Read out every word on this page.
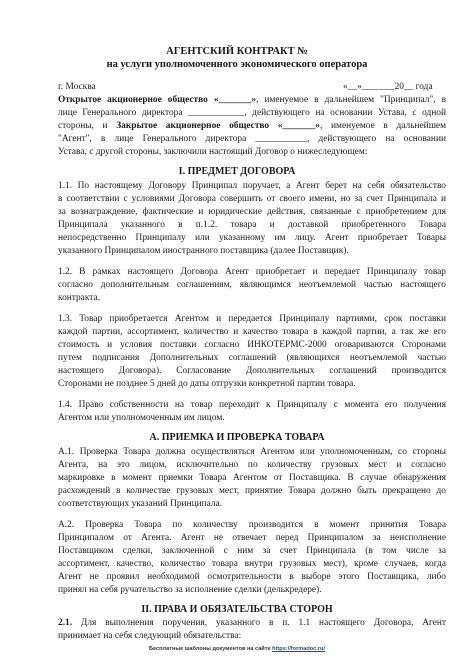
АГЕНТСКИЙ КОНТРАКТ №
на услуги уполномоченного экономического оператора
г. Москва	«__»_______20__ года
Открытое акционерное общество «_______», именуемое в дальнейшем "Принципал", в
лице Генерального директора ____________, действующего на основании Устава, с одной
стороны, и Закрытое акционерное общество «_______», именуемое в дальнейшем
"Агент", в лице Генерального директора ___________, действующего на основании
Устава, с другой стороны, заключили настоящий Договор о нижеследующем:
I. ПРЕДМЕТ ДОГОВОРА
1.1. По настоящему Договору Принципал поручает, а Агент берет на себя обязательство
в соответствии с условиями Договора совершить от своего имени, но за счет Принципала и
за вознаграждение, фактические и юридические действия, связанные с приобретением для
Принципала указанного в п.1.2. товара и доставкой приобретенного Товара
непосредственно Принципалу или указанному им лицу. Агент приобретает Товары
указанного Принципалом иностранного поставщика (далее Поставщик).
1.2. В рамках настоящего Договора Агент приобретает и передает Принципалу товар
согласно дополнительным соглашениям, являющимся неотъемлемой частью настоящего
контракта.
1.3. Товар приобретается Агентом и передается Принципалу партиями, срок поставки
каждой партии, ассортимент, количество и качество товара в каждой партии, а так же его
стоимость и условия поставки согласно ИНКОТЕРМС-2000 оговариваются Сторонами
путем подписания Дополнительных соглашений (являющихся неотъемлемой частью
настоящего Договора). Согласование Дополнительных соглашений производится
Сторонами не позднее 5 дней до даты отгрузки конкретной партии товара.
1.4. Право собственности на товар переходит к Принципалу с момента его получения
Агентом или уполномоченным им лицом.
А. ПРИЕМКА И ПРОВЕРКА ТОВАРА
А.1. Проверка Товара должна осуществляться Агентом или уполномоченным, со стороны
Агента, на это лицом, исключительно по количеству грузовых мест и согласно
маркировке в момент приемки Товара Агентом от Поставщика. В случае обнаружения
расхождений в количестве грузовых мест, принятие Товара должно быть прекращено до
соответствующих указаний Принципала.
А.2. Проверка Товара по количеству производится в момент принятия Товара
Принципалом от Агента. Агент не отвечает перед Принципалом за неисполнение
Поставщиком сделки, заключенной с ним за счет Принципала (в том числе за
ассортимент, качество, количество товара внутри грузовых мест), кроме случаев, когда
Агент не проявил необходимой осмотрительности в выборе этого Поставщика, либо
принял на себя ручательство за исполнение сделки (делькредере).
II. ПРАВА И ОБЯЗАТЕЛЬСТВА СТОРОН
2.1. Для выполнения поручения, указанного в п. 1.1 настоящего Договора, Агент
принимает на себя следующий обязательства:
Бесплатные шаблоны документов на сайте https://formadoc.ru/
